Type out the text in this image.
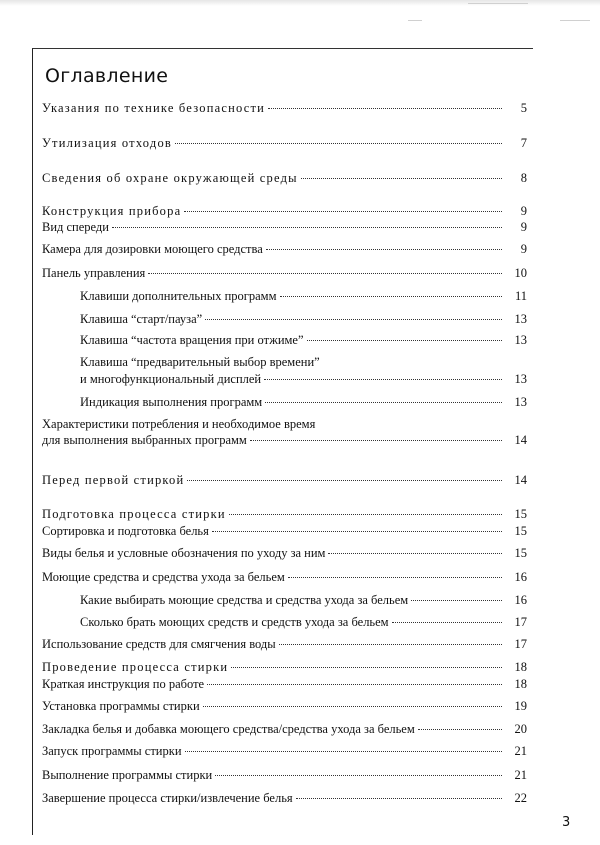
Оглавление
Указания по технике безопасности	5
Утилизация отходов	7
Сведения об охране окружающей среды	8
Конструкция прибора	9
Вид спереди	9
Камера для дозировки моющего средства	9
Панель управления	10
Клавиши дополнительных программ	11
Клавиша “старт/пауза”	13
Клавиша “частота вращения при отжиме”	13
Клавиша “предварительный выбор времени”
и многофункциональный дисплей	13
Индикация выполнения программ	13
Характеристики потребления и необходимое время
для выполнения выбранных программ	14
Перед первой стиркой	14
Подготовка процесса стирки	15
Сортировка и подготовка белья	15
Виды белья и условные обозначения по уходу за ним	15
Моющие средства и средства ухода за бельем	16
Какие выбирать моющие средства и средства ухода за бельем	16
Сколько брать моющих средств и средств ухода за бельем	17
Использование средств для смягчения воды	17
Проведение процесса стирки	18
Краткая инструкция по работе	18
Установка программы стирки	19
Закладка белья и добавка моющего средства/средства ухода за бельем	20
Запуск программы стирки	21
Выполнение программы стирки	21
Завершение процесса стирки/извлечение белья	22
3
